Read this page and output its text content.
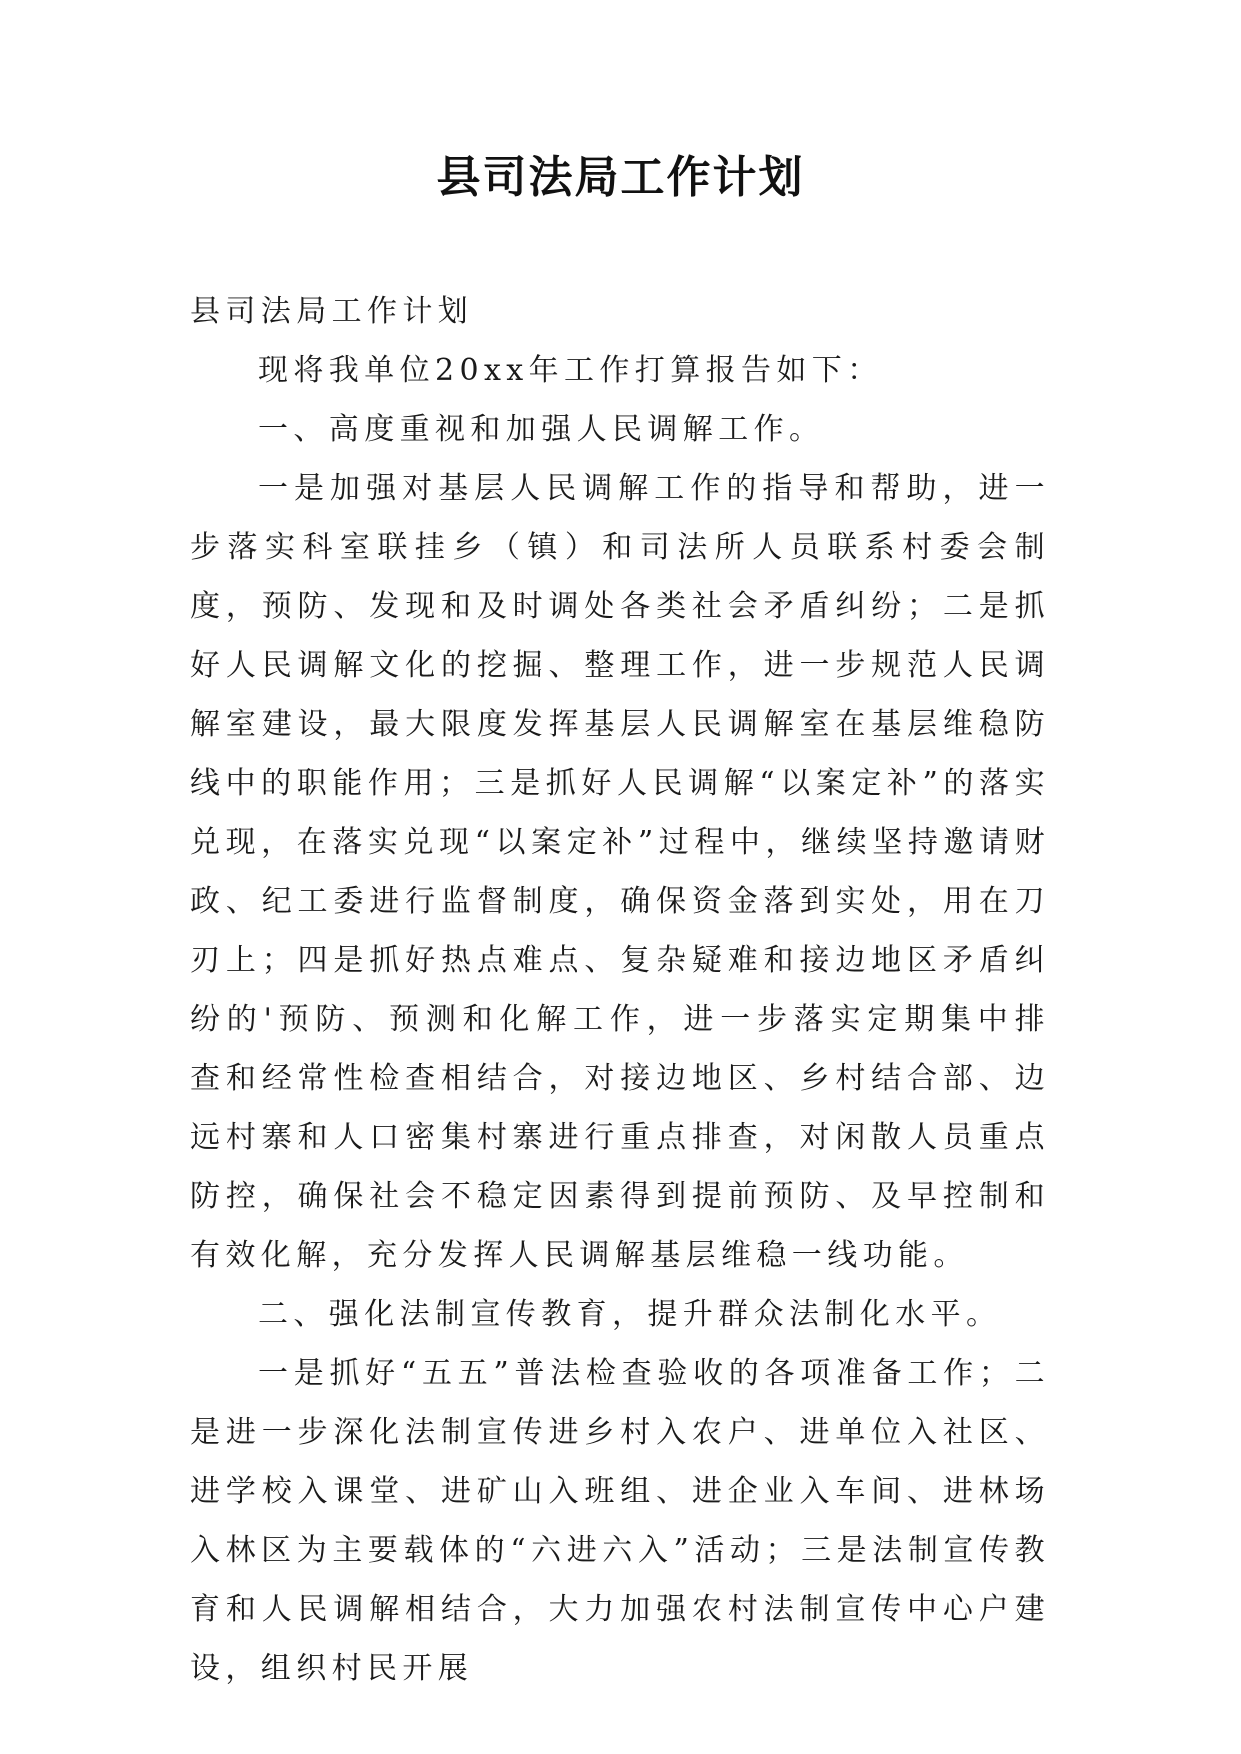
县司法局工作计划

县司法局工作计划

现将我单位20xx年工作打算报告如下：

一、高度重视和加强人民调解工作。

一是加强对基层人民调解工作的指导和帮助，进一步落实科室联挂乡（镇）和司法所人员联系村委会制度，预防、发现和及时调处各类社会矛盾纠纷；二是抓好人民调解文化的挖掘、整理工作，进一步规范人民调解室建设，最大限度发挥基层人民调解室在基层维稳防线中的职能作用；三是抓好人民调解“以案定补”的落实兑现，在落实兑现“以案定补”过程中，继续坚持邀请财政、纪工委进行监督制度，确保资金落到实处，用在刀刃上；四是抓好热点难点、复杂疑难和接边地区矛盾纠纷的'预防、预测和化解工作，进一步落实定期集中排查和经常性检查相结合，对接边地区、乡村结合部、边远村寨和人口密集村寨进行重点排查，对闲散人员重点防控，确保社会不稳定因素得到提前预防、及早控制和有效化解，充分发挥人民调解基层维稳一线功能。

二、强化法制宣传教育，提升群众法制化水平。

一是抓好“五五”普法检查验收的各项准备工作；二是进一步深化法制宣传进乡村入农户、进单位入社区、进学校入课堂、进矿山入班组、进企业入车间、进林场入林区为主要载体的“六进六入”活动；三是法制宣传教育和人民调解相结合，大力加强农村法制宣传中心户建设，组织村民开展
